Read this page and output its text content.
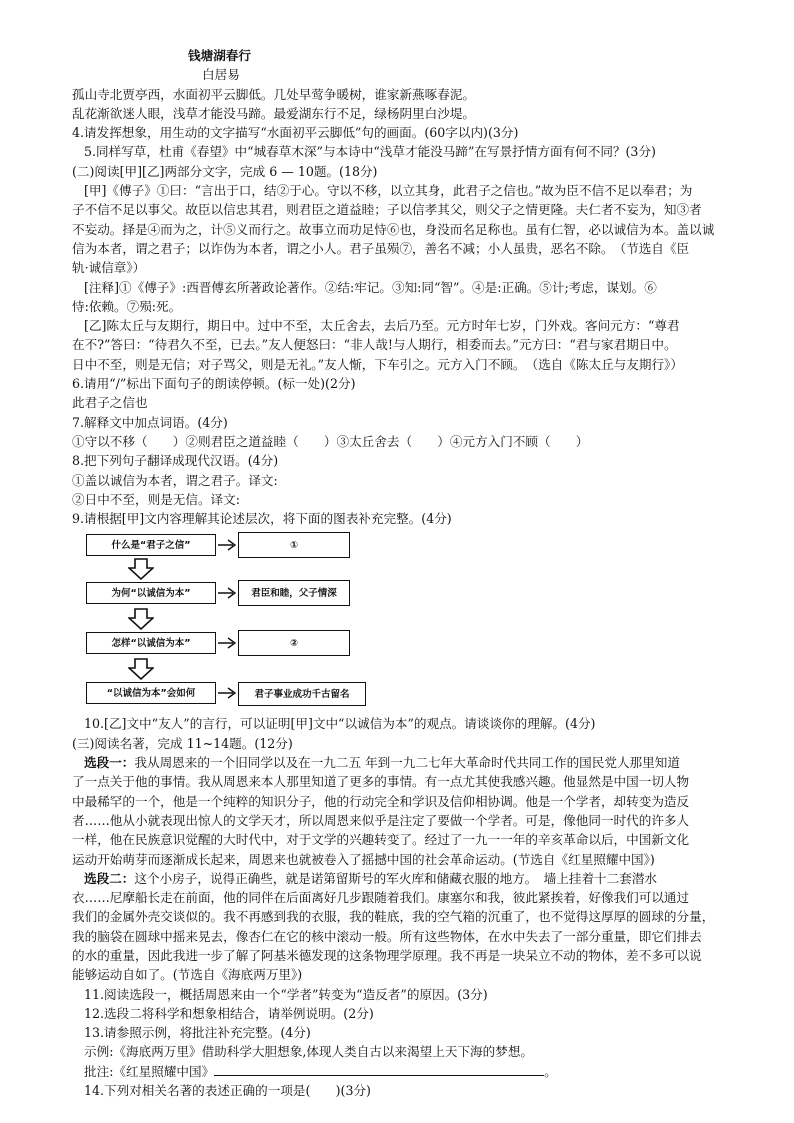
钱塘湖春行
白居易
孤山寺北贾亭西，水面初平云脚低。几处早莺争暖树，谁家新燕啄春泥。
乱花渐欲迷人眼，浅草才能没马蹄。最爱湖东行不足，绿杨阴里白沙堤。
4.请发挥想象，用生动的文字描写“水面初平云脚低”句的画面。(60字以内)(3分)
5.同样写草，杜甫《春望》中“城春草木深”与本诗中“浅草才能没马蹄”在写景抒情方面有何不同？(3分)
(二)阅读[甲][乙]两部分文字，完成 6 — 10题。(18分)
[甲]《傅子》①曰：“言出于口，结②于心。守以不移，以立其身，此君子之信也。”故为臣不信不足以奉君；为
子不信不足以事父。故臣以信忠其君，则君臣之道益睦；子以信孝其父，则父子之情更隆。夫仁者不妄为，知③者
不妄动。择是④而为之，计⑤义而行之。故事立而功足恃⑥也，身没而名足称也。虽有仁智，必以诚信为本。盖以诚
信为本者，谓之君子；以诈伪为本者，谓之小人。君子虽殒⑦，善名不减；小人虽贵，恶名不除。　（节选自《臣
轨·诚信章》）
[注释]①《傅子》:西晋傅玄所著政论著作。②结:牢记。③知:同“智”。④是:正确。⑤计;考虑，谋划。⑥
恃:依赖。⑦殒:死。
[乙]陈太丘与友期行，期日中。过中不至，太丘舍去，去后乃至。元方时年七岁，门外戏。客问元方：“尊君
在不?”答曰：“待君久不至，已去。”友人便怒曰：“非人哉!与人期行，相委而去。”元方曰：“君与家君期日中。
日中不至，则是无信；对子骂父，则是无礼。”友人惭，下车引之。元方入门不顾。　（选自《陈太丘与友期行》）
6.请用“/”标出下面句子的朗读停顿。(标一处)(2分)
此君子之信也
7.解释文中加点词语。(4分)
①守以不移（　　）②则君臣之道益睦（　　）③太丘舍去（　　）④元方入门不顾（　　）
8.把下列句子翻译成现代汉语。(4分)
①盖以诚信为本者，谓之君子。译文:
②日中不至，则是无信。译文:
9.请根据[甲]文内容理解其论述层次，将下面的图表补充完整。(4分)
什么是“君子之信”	①
为何“以诚信为本”	君臣和睦，父子情深
怎样“以诚信为本”	②
“以诚信为本”会如何	君子事业成功千古留名
10.[乙]文中“友人”的言行，可以证明[甲]文中“以诚信为本”的观点。请谈谈你的理解。(4分)
(三)阅读名著，完成 11~14题。(12分)
选段一：我从周恩来的一个旧同学以及在一九二五 年到一九二七年大革命时代共同工作的国民党人那里知道
了一点关于他的事情。我从周恩来本人那里知道了更多的事情。有一点尤其使我感兴趣。他显然是中国一切人物
中最稀罕的一个，他是一个纯粹的知识分子，他的行动完全和学识及信仰相协调。他是一个学者，却转变为造反
者……他从小就表现出惊人的文学天才，所以周恩来似乎是注定了要做一个学者。可是，像他同一时代的许多人
一样，他在民族意识觉醒的大时代中，对于文学的兴趣转变了。经过了一九一一年的辛亥革命以后，中国新文化
运动开始萌芽而逐渐成长起来，周恩来也就被卷入了摇撼中国的社会革命运动。(节选自《红星照耀中国》)
选段二：这个小房子，说得正确些，就是诺第留斯号的军火库和储藏衣服的地方。　墙上挂着十二套潜水
衣……尼摩船长走在前面，他的同伴在后面离好几步跟随着我们。康塞尔和我，彼此紧挨着，好像我们可以通过
我们的金属外壳交谈似的。我不再感到我的衣服，我的鞋底，我的空气箱的沉重了，也不觉得这厚厚的圆球的分量，
我的脑袋在圆球中摇来晃去，像杏仁在它的核中滚动一般。所有这些物体，在水中失去了一部分重量，即它们排去
的水的重量，因此我进一步了解了阿基米德发现的这条物理学原理。我不再是一块呆立不动的物体，差不多可以说
能够运动自如了。(节选自《海底两万里》)
11.阅读选段一，概括周恩来由一个“学者”转变为“造反者”的原因。(3分)
12.选段二将科学和想象相结合，请举例说明。(2分)
13.请参照示例，将批注补充完整。(4分)
示例:《海底两万里》借助科学大胆想象,体现人类自古以来渴望上天下海的梦想。
批注:《红星照耀中国》	。
14.下列对相关名著的表述正确的一项是(　　)(3分)
